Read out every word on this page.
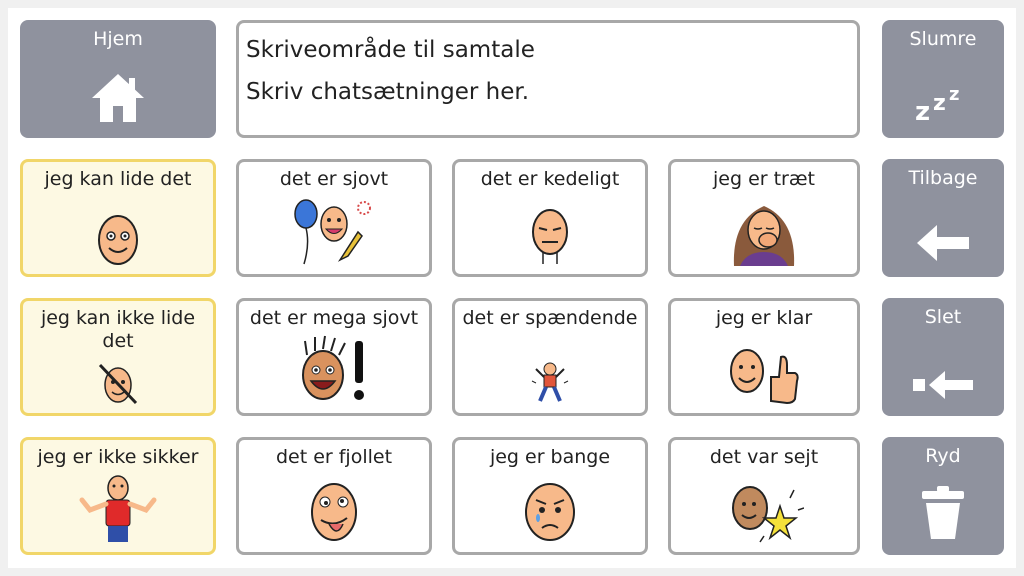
Hjem	Skriveområde til samtale
Skriv chatsætninger her.
Slumre
z z z
jeg kan lide det	det er sjovt	det er kedeligt	jeg er træt	Tilbage
jeg kan ikke lide det
det er mega sjovt	det er spændende	jeg er klar	Slet
jeg er ikke sikker	det er fjollet	jeg er bange	det var sejt	Ryd
